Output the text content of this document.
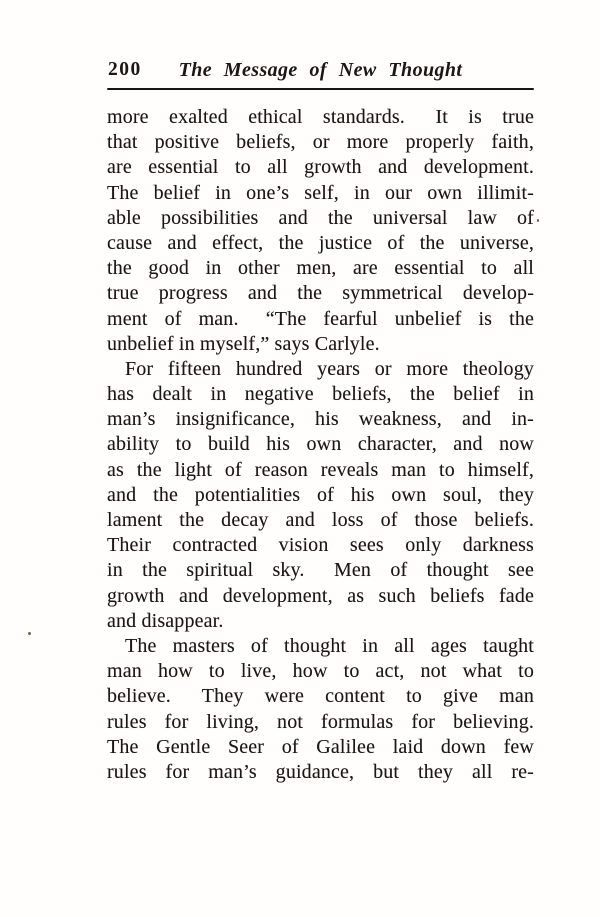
200	The Message of New Thought
more exalted ethical standards.  It is true
that positive beliefs, or more properly faith,
are essential to all growth and development.
The belief in one’s self, in our own illimit-
able possibilities and the universal law of
cause and effect, the justice of the universe,
the good in other men, are essential to all
true progress and the symmetrical develop-
ment of man.  “The fearful unbelief is the
unbelief in myself,” says Carlyle.
For fifteen hundred years or more theology
has dealt in negative beliefs, the belief in
man’s insignificance, his weakness, and in-
ability to build his own character, and now
as the light of reason reveals man to himself,
and the potentialities of his own soul, they
lament the decay and loss of those beliefs.
Their contracted vision sees only darkness
in the spiritual sky.  Men of thought see
growth and development, as such beliefs fade
and disappear.
The masters of thought in all ages taught
man how to live, how to act, not what to
believe.  They were content to give man
rules for living, not formulas for believing.
The Gentle Seer of Galilee laid down few
rules for man’s guidance, but they all re-
